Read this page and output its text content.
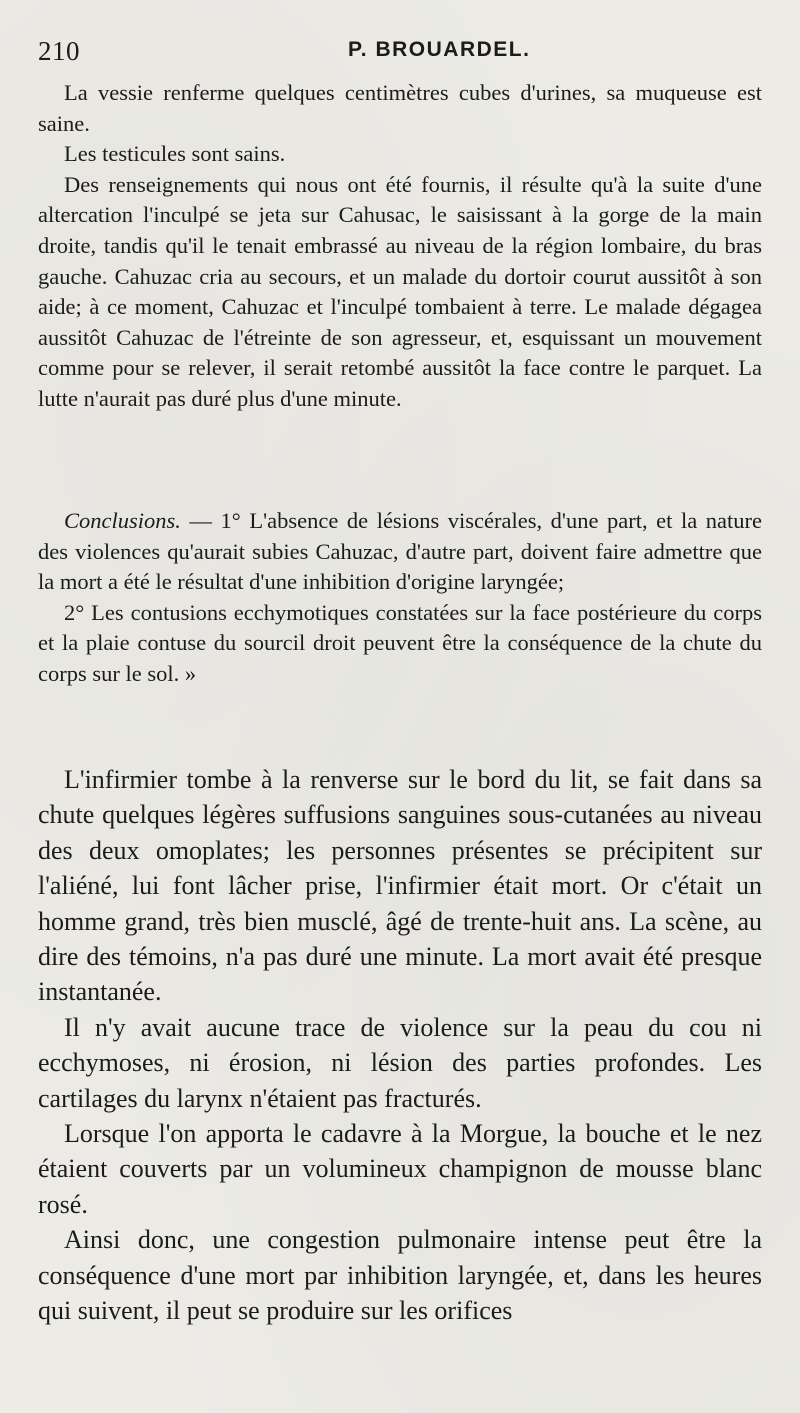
210	P. BROUARDEL.

La vessie renferme quelques centimètres cubes d'urines, sa muqueuse est saine.

Les testicules sont sains.

Des renseignements qui nous ont été fournis, il résulte qu'à la suite d'une altercation l'inculpé se jeta sur Cahusac, le saisissant à la gorge de la main droite, tandis qu'il le tenait embrassé au niveau de la région lombaire, du bras gauche. Cahuzac cria au secours, et un malade du dortoir courut aussitôt à son aide; à ce moment, Cahuzac et l'inculpé tombaient à terre. Le malade dégagea aussitôt Cahuzac de l'étreinte de son agresseur, et, esquissant un mouvement comme pour se relever, il serait retombé aussitôt la face contre le parquet. La lutte n'aurait pas duré plus d'une minute.

Conclusions. — 1° L'absence de lésions viscérales, d'une part, et la nature des violences qu'aurait subies Cahuzac, d'autre part, doivent faire admettre que la mort a été le résultat d'une inhibition d'origine laryngée;

2° Les contusions ecchymotiques constatées sur la face postérieure du corps et la plaie contuse du sourcil droit peuvent être la conséquence de la chute du corps sur le sol. »

L'infirmier tombe à la renverse sur le bord du lit, se fait dans sa chute quelques légères suffusions sanguines sous-cutanées au niveau des deux omoplates; les personnes présentes se précipitent sur l'aliéné, lui font lâcher prise, l'infirmier était mort. Or c'était un homme grand, très bien musclé, âgé de trente-huit ans. La scène, au dire des témoins, n'a pas duré une minute. La mort avait été presque instantanée.

Il n'y avait aucune trace de violence sur la peau du cou ni ecchymoses, ni érosion, ni lésion des parties profondes. Les cartilages du larynx n'étaient pas fracturés.

Lorsque l'on apporta le cadavre à la Morgue, la bouche et le nez étaient couverts par un volumineux champignon de mousse blanc rosé.

Ainsi donc, une congestion pulmonaire intense peut être la conséquence d'une mort par inhibition laryngée, et, dans les heures qui suivent, il peut se produire sur les orifices
